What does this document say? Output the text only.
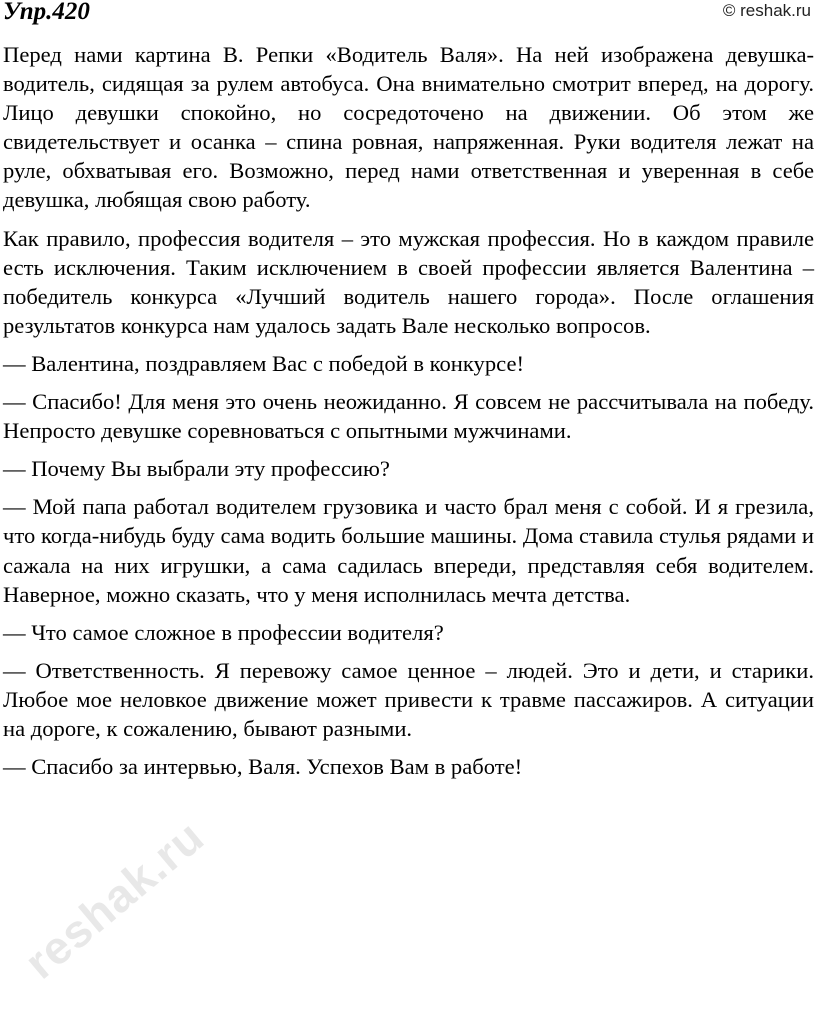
Упр.420	© reshak.ru

Перед нами картина В. Репки «Водитель Валя». На ней изображена девушка-водитель, сидящая за рулем автобуса. Она внимательно смотрит вперед, на дорогу. Лицо девушки спокойно, но сосредоточено на движении. Об этом же свидетельствует и осанка – спина ровная, напряженная. Руки водителя лежат на руле, обхватывая его. Возможно, перед нами ответственная и уверенная в себе девушка, любящая свою работу.

Как правило, профессия водителя – это мужская профессия. Но в каждом правиле есть исключения. Таким исключением в своей профессии является Валентина – победитель конкурса «Лучший водитель нашего города». После оглашения результатов конкурса нам удалось задать Вале несколько вопросов.

— Валентина, поздравляем Вас с победой в конкурсе!

— Спасибо! Для меня это очень неожиданно. Я совсем не рассчитывала на победу. Непросто девушке соревноваться с опытными мужчинами.

— Почему Вы выбрали эту профессию?

— Мой папа работал водителем грузовика и часто брал меня с собой. И я грезила, что когда-нибудь буду сама водить большие машины. Дома ставила стулья рядами и сажала на них игрушки, а сама садилась впереди, представляя себя водителем. Наверное, можно сказать, что у меня исполнилась мечта детства.

— Что самое сложное в профессии водителя?

— Ответственность. Я перевожу самое ценное – людей. Это и дети, и старики. Любое мое неловкое движение может привести к травме пассажиров. А ситуации на дороге, к сожалению, бывают разными.

— Спасибо за интервью, Валя. Успехов Вам в работе!

reshak.ru
